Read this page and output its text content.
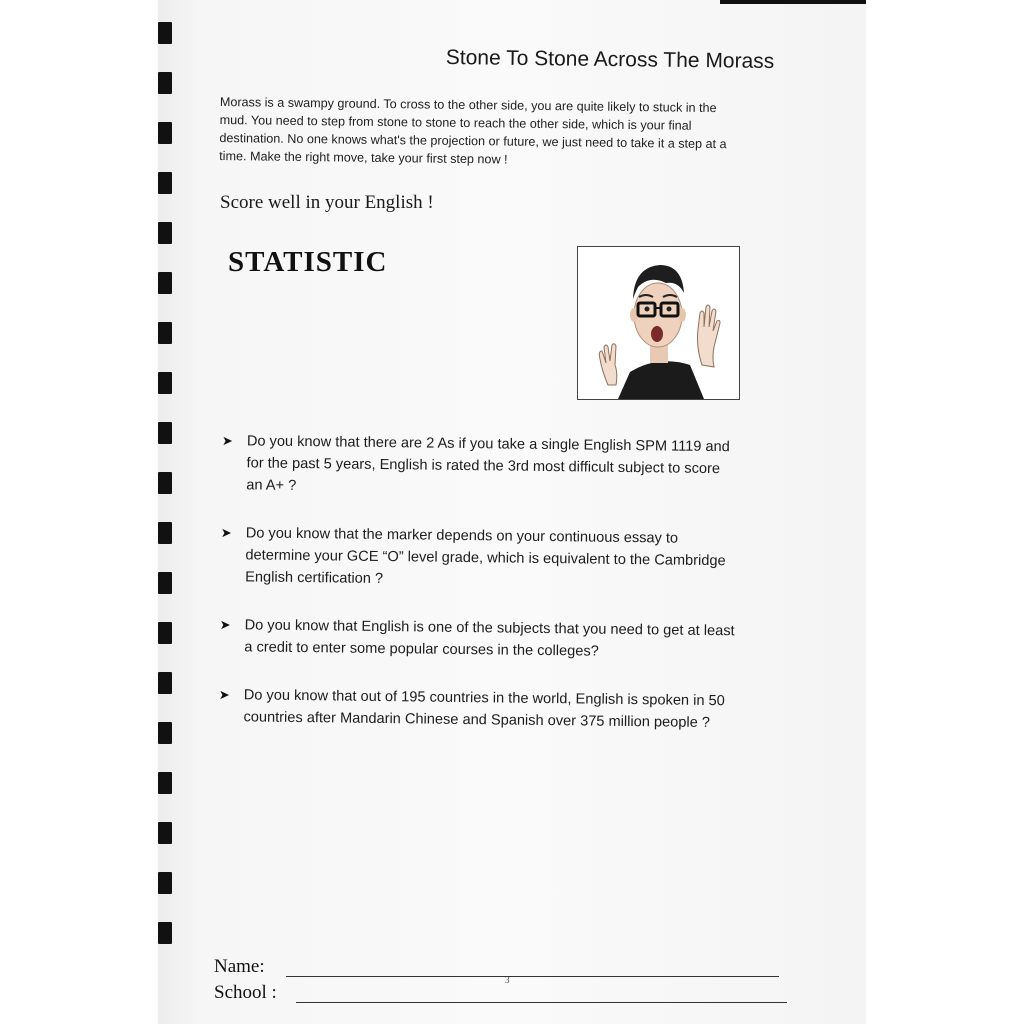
Stone To Stone Across The Morass
Morass is a swampy ground. To cross to the other side, you are quite likely to stuck in the
mud. You need to step from stone to stone to reach the other side, which is your final
destination. No one knows what's the projection or future, we just need to take it a step at a
time. Make the right move, take your first step now !
Score well in your English !
STATISTIC
➤ Do you know that there are 2 As if you take a single English SPM 1119 and
for the past 5 years, English is rated the 3rd most difficult subject to score
an A+ ?
➤ Do you know that the marker depends on your continuous essay to
determine your GCE “O” level grade, which is equivalent to the Cambridge
English certification ?
➤ Do you know that English is one of the subjects that you need to get at least
a credit to enter some popular courses in the colleges?
➤ Do you know that out of 195 countries in the world, English is spoken in 50
countries after Mandarin Chinese and Spanish over 375 million people ?
Name:
School :
3
